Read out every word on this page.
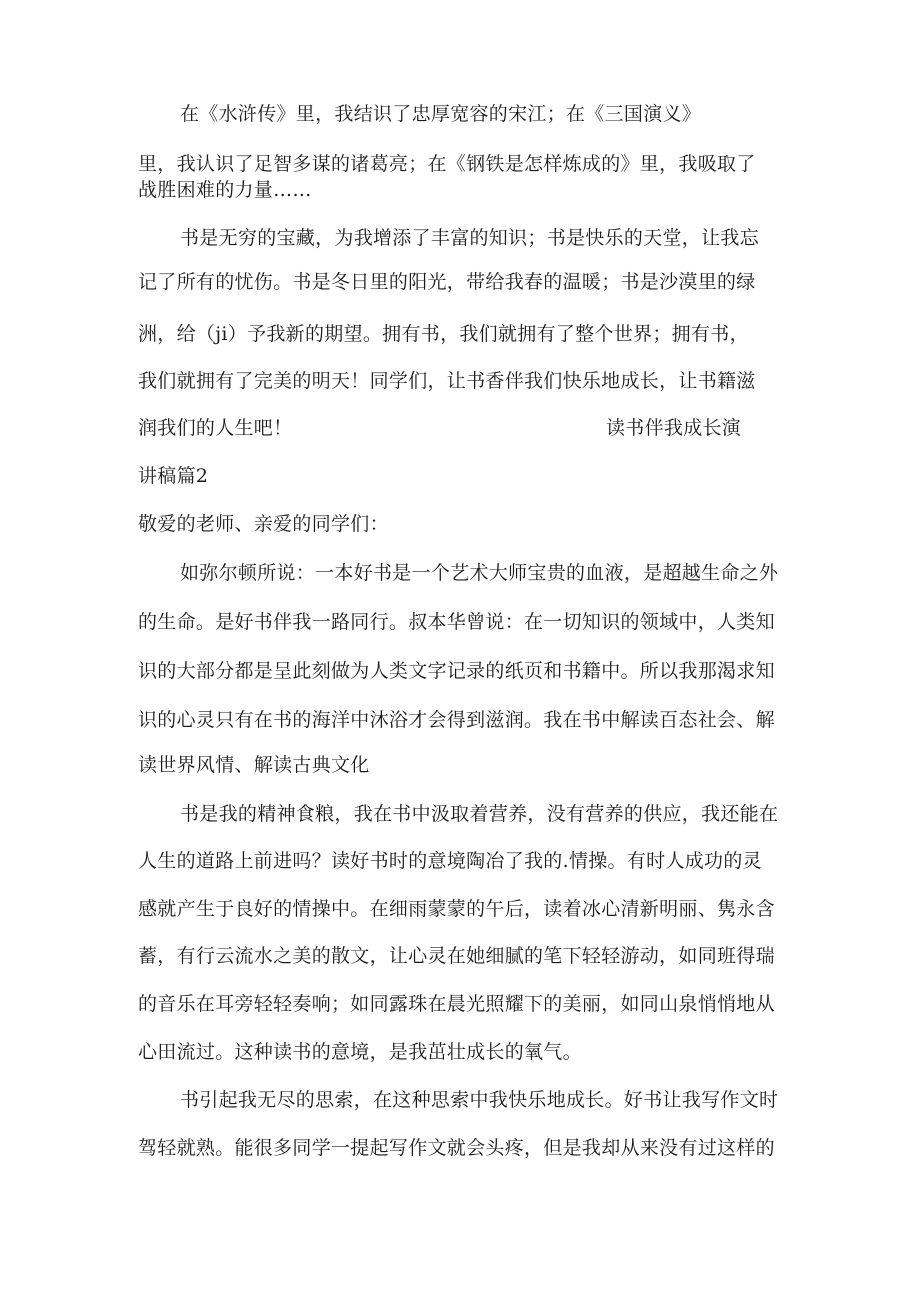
在《水浒传》里，我结识了忠厚宽容的宋江；在《三国演义》
里，我认识了足智多谋的诸葛亮；在《钢铁是怎样炼成的》里，我吸取了
战胜困难的力量……
书是无穷的宝藏，为我增添了丰富的知识；书是快乐的天堂，让我忘
记了所有的忧伤。书是冬日里的阳光，带给我春的温暖；书是沙漠里的绿
洲，给（ji）予我新的期望。拥有书，我们就拥有了整个世界；拥有书，
我们就拥有了完美的明天！同学们，让书香伴我们快乐地成长，让书籍滋
润我们的人生吧！	读书伴我成长演
讲稿篇2
敬爱的老师、亲爱的同学们：
如弥尔顿所说：一本好书是一个艺术大师宝贵的血液，是超越生命之外
的生命。是好书伴我一路同行。叔本华曾说：在一切知识的领域中，人类知
识的大部分都是呈此刻做为人类文字记录的纸页和书籍中。所以我那渴求知
识的心灵只有在书的海洋中沐浴才会得到滋润。我在书中解读百态社会、解
读世界风情、解读古典文化
书是我的精神食粮，我在书中汲取着营养，没有营养的供应，我还能在
人生的道路上前进吗？读好书时的意境陶冶了我的.情操。有时人成功的灵
感就产生于良好的情操中。在细雨蒙蒙的午后，读着冰心清新明丽、隽永含
蓄，有行云流水之美的散文，让心灵在她细腻的笔下轻轻游动，如同班得瑞
的音乐在耳旁轻轻奏响；如同露珠在晨光照耀下的美丽，如同山泉悄悄地从
心田流过。这种读书的意境，是我茁壮成长的氧气。
书引起我无尽的思索，在这种思索中我快乐地成长。好书让我写作文时
驾轻就熟。能很多同学一提起写作文就会头疼，但是我却从来没有过这样的
